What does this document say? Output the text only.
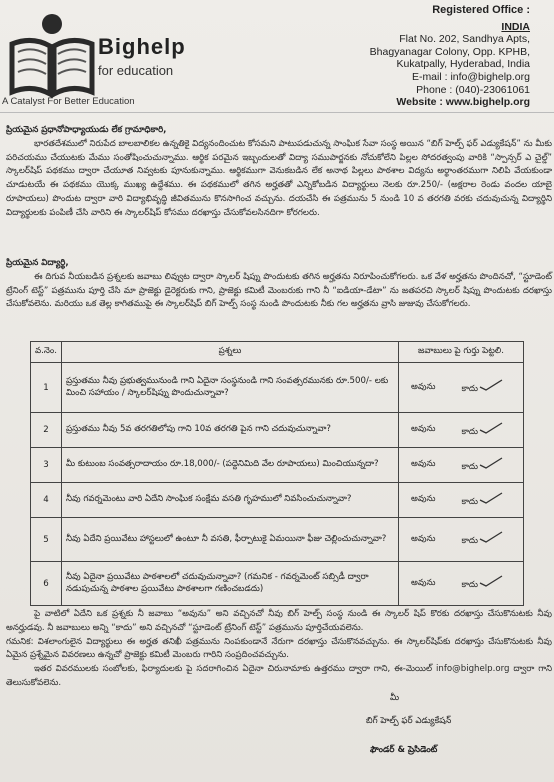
Bighelp
for education
A Catalyst For Better Education
Registered Office :
INDIA
Flat No. 202, Sandhya Apts,
Bhagyanagar Colony, Opp. KPHB,
Kukatpally, Hyderabad, India
E-mail : info@bighelp.org
Phone : (040)-23061061
Website : www.bighelp.org

ప్రియమైన ప్రధానోపాధ్యాయుడు లేక గ్రామాధికారి,

భారతదేశములో నిరుపేద బాలబాలికల ఉన్నతికై విద్యనందించుట కోసమని పాటుపడుచున్న సాంఘిక సేవా సంస్థ అయిన “బిగ్ హెల్ప్ ఫర్ ఎడ్యుకేషన్” ను మీకు పరిచయము చేయుటకు మేము సంతోషించుచున్నాము. ఆర్థిక పరమైన ఇబ్బందులతో విద్యా సముపార్జనకు నోచుకోలేని పిల్లల సోదరత్వంపు వారికి “స్పాన్సర్ ఎ చైల్డ్” స్కాలర్‌షిప్ పథకము ద్వారా చేయూత నివ్వటకు పూనుకున్నాము. ఆర్థికముగా వెనుకబడిన లేక అనాథ పిల్లలు పాఠశాల విద్యను అర్థాంతరముగా నిలిపి వేయకుండా చూడుటయే ఈ పథకము యొక్క ముఖ్య ఉద్దేశము. ఈ పథకములో తగిన అర్హతతో ఎన్నికోబడిన విద్యార్థులు నెలకు రూ.250/- (అక్షరాల రెండు వందల యాబై రూపాయలు) పొందుట ద్వారా వారి విద్యాభివృద్ధి జీవితమును కొనసాగించ వచ్చును. దయచేసి ఈ పత్రమును 5 నుండి 10 వ తరగతి వరకు చదువుచున్న విద్యార్థిని విద్యార్థులకు పంపిణీ చేసి వారిని ఈ స్కాలర్‌షిప్ కోసము దరఖాస్తు చేసుకోవలసినదిగా కోరగలరు.

ప్రియమైన విద్యార్థి,

ఈ దిగువ నీయబడిన ప్రశ్నలకు జవాబు లివ్వుట ద్వారా స్కాలర్ షిప్ను పొందుటకు తగిన అర్హతను నిరూపించుకోగలరు. ఒక వేళ అర్హతను పొందినచో, “స్టూడెంట్ ట్రేనింగ్ టెస్ట్” పత్రమును పూర్తి చేసి మా ప్రాజెక్టు డైరెక్టరుకు గాని, ప్రాజెక్టు కమిటీ మెంబరుకు గాని నీ “ఐడియా-డేటా” ను జతపరచి స్కాలర్ షిప్ను పొందుటకు దరఖాస్తు చేసుకోవలెను. మరియు ఒక తెల్ల కాగితముపై ఈ స్కాలర్‌షిప్ బిగ్ హెల్ప్ సంస్థ నుండి పొందుటకు నీకు గల అర్హతను వ్రాసి జుజువు చేసుకోగలరు.

వ.నెం.	ప్రశ్నలు	జవాబులు పై గుర్తు పెట్టలి.
1	ప్రస్తుతము నీవు ప్రభుత్వమునుండి గాని ఏదైనా సంస్థనుండి గాని సంవత్సరమునకు రూ.500/- లకు మించి సహాయం / స్కాలర్‌షిప్ను పొందుచున్నావా?	అవును కాదు

2	ప్రస్తుతము నీవు 5వ తరగతిలోపు గాని 10వ తరగతి పైన గాని చదువుచున్నావా?	అవును కాదు

3	మీ కుటుంబ సంవత్సరాదాయం రూ.18,000/- (పద్దెనిమిది వేల రూపాయలు) మించియున్నదా?	అవును కాదు

4	నీవు గవర్నమెంటు వారి ఏదేని సాంఘిక సంక్షేమ వసతి గృహములో నివసించుచున్నావా?	అవును కాదు

5	నీవు ఏదేని ప్రయివేటు హాస్టలులో ఉంటూ నీ వసతి, ఫీర్పాటుకై ఏమయినా ఫీజు చెల్లించుచున్నావా?	అవును కాదు

6	నీవు ఏదైనా ప్రయివేటు పాఠశాలలో చదువుచున్నావా? (గమనిక - గవర్నమెంట్ సబ్సిడీ ద్వారా నడుపుచున్న పాఠశాల ప్రయివేటు పాఠశాలగా గణించబడదు)	అవును కాదు

పై వాటిలో ఏదేని ఒక ప్రశ్నకు నీ జవాబు “అవును” అని వచ్చినచో నీవు బిగ్ హెల్ప్ సంస్థ నుండి ఈ స్కాలర్ షిప్ కొరకు దరఖాస్తు చేసుకొనుటకు నీవు అనర్హుడవు. నీ జవాబులు అన్ని “కాదు” అని వచ్చినచో “స్టూడెంట్ ట్రేనింగ్ టెస్ట్” పత్రమును పూర్తిచేయవలెను.

గమనిక: విశలాంగులైన విద్యార్థులు ఈ అర్హత తనిఖీ పత్రమును నింపకుండానే నేరుగా దరఖాస్తు చేసుకొనవచ్చును. ఈ స్కాలర్‌షిప్‌కు దరఖాస్తు చేసుకొనుటకు నీవు ఏమైన ప్రశ్నేమైన వివరణలు ఉన్నచో ప్రాజెక్టు కమిటీ మెంబరు గారిని సంప్రదించవచ్చును.

ఇతర వివరములకు సంబోలకు, ఫిర్యాదులకు పై సదరాగించిన ఏదైనా చిరునామాకు ఉత్తరము ద్వారా గాని, ఈ-మెయిల్ info@bighelp.org ద్వారా గాని తెలుసుకోవలెను.

మీ
బిగ్ హెల్ప్ ఫర్ ఎడ్యుకేషన్
ఫౌండర్ & ప్రెసిడెంట్
